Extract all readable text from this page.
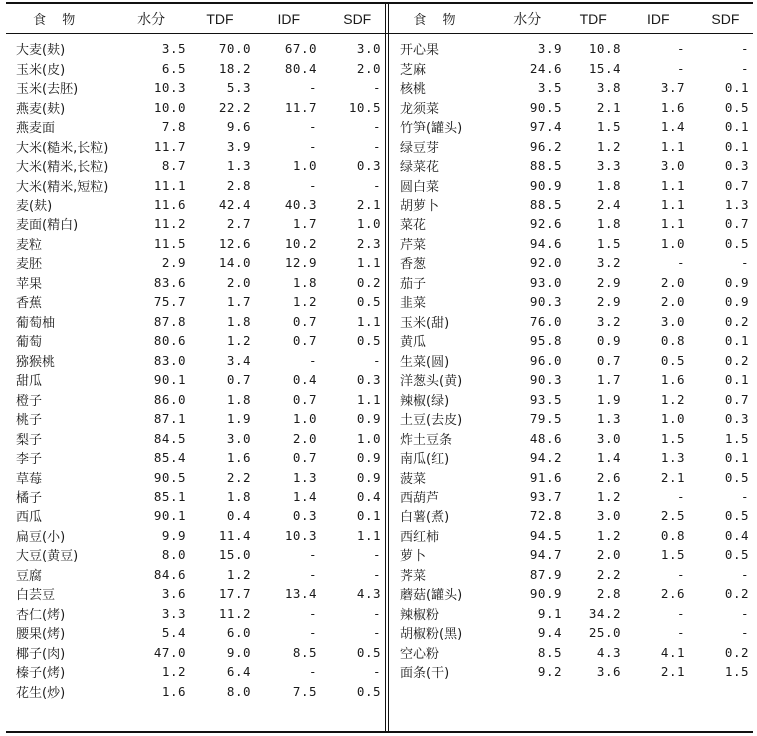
食 物	水分	TDF	IDF	SDF
大麦(麸)	3.5	70.0	67.0	3.0
玉米(皮)	6.5	18.2	80.4	2.0
玉米(去胚)	10.3	5.3	-	-
燕麦(麸)	10.0	22.2	11.7	10.5
燕麦面	7.8	9.6	-	-
大米(糙米,长粒)	11.7	3.9	-	-
大米(精米,长粒)	8.7	1.3	1.0	0.3
大米(精米,短粒)	11.1	2.8	-	-
麦(麸)	11.6	42.4	40.3	2.1
麦面(精白)	11.2	2.7	1.7	1.0
麦粒	11.5	12.6	10.2	2.3
麦胚	2.9	14.0	12.9	1.1
苹果	83.6	2.0	1.8	0.2
香蕉	75.7	1.7	1.2	0.5
葡萄柚	87.8	1.8	0.7	1.1
葡萄	80.6	1.2	0.7	0.5
猕猴桃	83.0	3.4	-	-
甜瓜	90.1	0.7	0.4	0.3
橙子	86.0	1.8	0.7	1.1
桃子	87.1	1.9	1.0	0.9
梨子	84.5	3.0	2.0	1.0
李子	85.4	1.6	0.7	0.9
草莓	90.5	2.2	1.3	0.9
橘子	85.1	1.8	1.4	0.4
西瓜	90.1	0.4	0.3	0.1
扁豆(小)	9.9	11.4	10.3	1.1
大豆(黄豆)	8.0	15.0	-	-
豆腐	84.6	1.2	-	-
白芸豆	3.6	17.7	13.4	4.3
杏仁(烤)	3.3	11.2	-	-
腰果(烤)	5.4	6.0	-	-
椰子(肉)	47.0	9.0	8.5	0.5
榛子(烤)	1.2	6.4	-	-
花生(炒)	1.6	8.0	7.5	0.5
食 物	水分	TDF	IDF	SDF
开心果	3.9	10.8	-	-
芝麻	24.6	15.4	-	-
核桃	3.5	3.8	3.7	0.1
龙须菜	90.5	2.1	1.6	0.5
竹笋(罐头)	97.4	1.5	1.4	0.1
绿豆芽	96.2	1.2	1.1	0.1
绿菜花	88.5	3.3	3.0	0.3
圆白菜	90.9	1.8	1.1	0.7
胡萝卜	88.5	2.4	1.1	1.3
菜花	92.6	1.8	1.1	0.7
芹菜	94.6	1.5	1.0	0.5
香葱	92.0	3.2	-	-
茄子	93.0	2.9	2.0	0.9
韭菜	90.3	2.9	2.0	0.9
玉米(甜)	76.0	3.2	3.0	0.2
黄瓜	95.8	0.9	0.8	0.1
生菜(圆)	96.0	0.7	0.5	0.2
洋葱头(黄)	90.3	1.7	1.6	0.1
辣椒(绿)	93.5	1.9	1.2	0.7
土豆(去皮)	79.5	1.3	1.0	0.3
炸土豆条	48.6	3.0	1.5	1.5
南瓜(红)	94.2	1.4	1.3	0.1
菠菜	91.6	2.6	2.1	0.5
西葫芦	93.7	1.2	-	-
白薯(煮)	72.8	3.0	2.5	0.5
西红柿	94.5	1.2	0.8	0.4
萝卜	94.7	2.0	1.5	0.5
荠菜	87.9	2.2	-	-
蘑菇(罐头)	90.9	2.8	2.6	0.2
辣椒粉	9.1	34.2	-	-
胡椒粉(黑)	9.4	25.0	-	-
空心粉	8.5	4.3	4.1	0.2
面条(干)	9.2	3.6	2.1	1.5
